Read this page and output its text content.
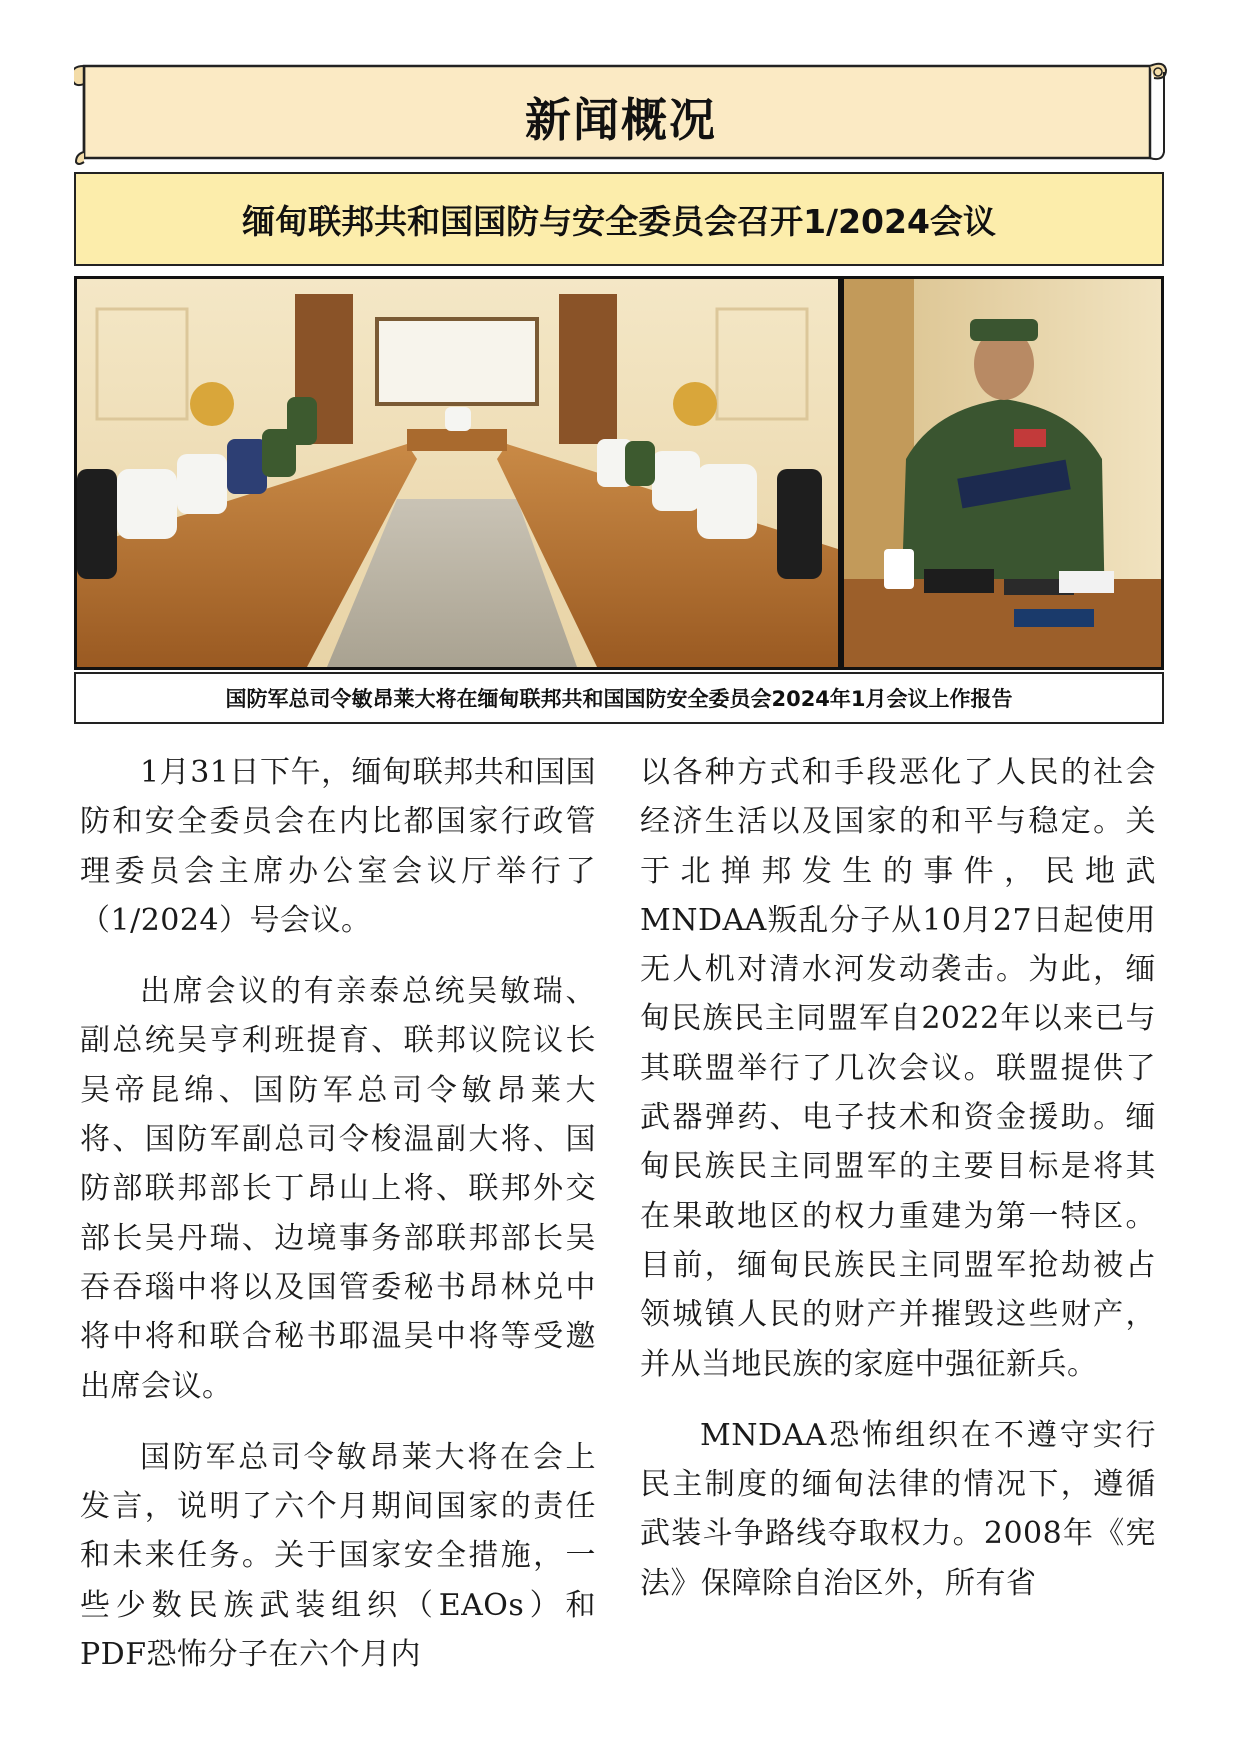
新闻概况
缅甸联邦共和国国防与安全委员会召开1/2024会议
国防军总司令敏昂莱大将在缅甸联邦共和国国防安全委员会2024年1月会议上作报告

1月31日下午，缅甸联邦共和国国防和安全委员会在内比都国家行政管理委员会主席办公室会议厅举行了（1/2024）号会议。

出席会议的有亲泰总统吴敏瑞、副总统吴亨利班提育、联邦议院议长吴帝昆绵、国防军总司令敏昂莱大将、国防军副总司令梭温副大将、国防部联邦部长丁昂山上将、联邦外交部长吴丹瑞、边境事务部联邦部长吴吞吞瑙中将以及国管委秘书昂林兑中将中将和联合秘书耶温吴中将等受邀出席会议。

国防军总司令敏昂莱大将在会上发言，说明了六个月期间国家的责任和未来任务。关于国家安全措施，一些少数民族武装组织（EAOs）和PDF恐怖分子在六个月内

以各种方式和手段恶化了人民的社会经济生活以及国家的和平与稳定。关于北掸邦发生的事件，民地武MNDAA叛乱分子从10月27日起使用无人机对清水河发动袭击。为此，缅甸民族民主同盟军自2022年以来已与其联盟举行了几次会议。联盟提供了武器弹药、电子技术和资金援助。缅甸民族民主同盟军的主要目标是将其在果敢地区的权力重建为第一特区。目前，缅甸民族民主同盟军抢劫被占领城镇人民的财产并摧毁这些财产，并从当地民族的家庭中强征新兵。

MNDAA恐怖组织在不遵守实行民主制度的缅甸法律的情况下，遵循武装斗争路线夺取权力。2008年《宪法》保障除自治区外，所有省
